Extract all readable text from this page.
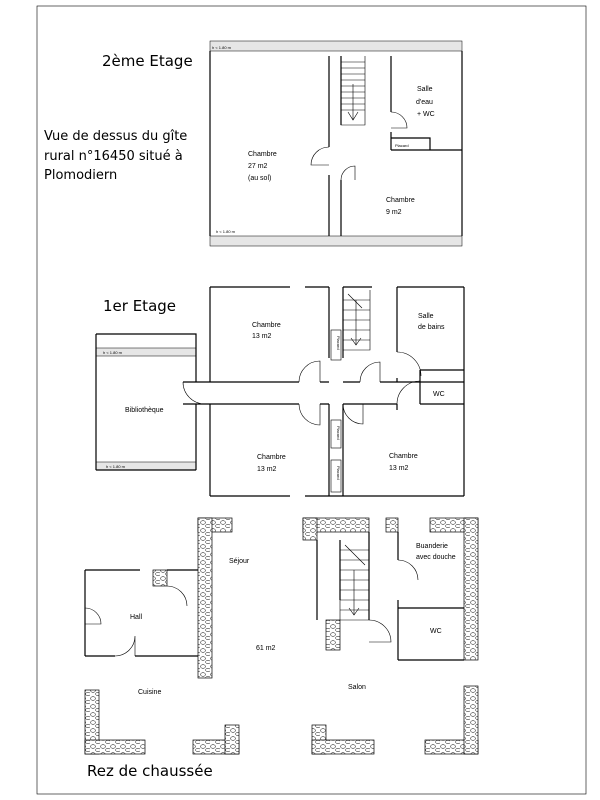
2ème Etage
Vue de dessus du gîte
rural n°16450 situé à
Plomodiern
1er Etage
Rez de chaussée
h < 1.80 m
h < 1.80 m
Chambre
27 m2
(au sol)
Chambre
9 m2
Salle
d'eau
+ WC
Placard
h < 1.80 m
h < 1.80 m
Placard
Placard
Placard
Chambre
13 m2
Chambre
13 m2
Chambre
13 m2
Salle
de bains
WC
Bibliothèque
Séjour
61 m2
Hall
Cuisine
Salon
Buanderie
avec douche
WC
